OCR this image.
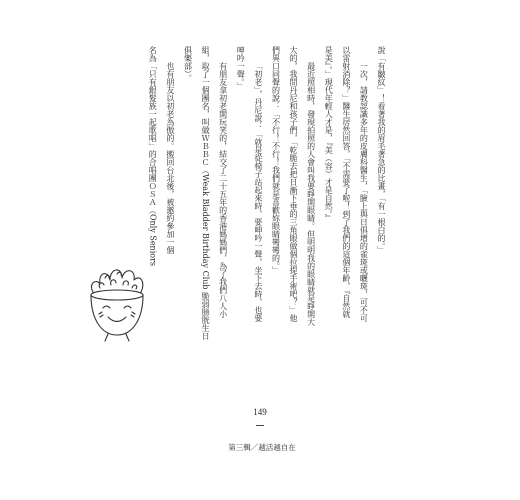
說「有皺紋」！看著我的眉毛著急的比畫，「有一根白的。」
一次，請教認識多年的皮膚科醫生，「臉上與日俱增的雀斑或曬斑，可不可
以雷射消除？」醫生居然回答，「不需要了啦！到了我們的這個年齡，『自然就
是美』。」現代年輕人才是，『美（容）才是自然。』
最近照相時，發現拍照的人會叫我要睜開眼睛。但明明我的眼睛就是睜開大
大的，我問丹尼和孩子們，「乾脆去把日漸下垂的三角眼做個拉提手術吧？」他
們異口同聲的說：「不行！不行！我們就是喜歡妳眼睛彎彎的。」
「初老」，丹尼說：「就是從椅子站起來時，要呻吟一聲，坐下去時，也要
呻吟一聲。」
有朋友拿初老開玩笑的，結交了二十五年的香港媽媽們，為了我們八人小
組，取了一個團名，叫做ＷＢＢＣ（Weak Bladder Birthday Club 脆弱膀胱生日
俱樂部）。
也有朋友以初老為傲的。搬回台北後，被邀約參加一個
名為「只有銀髮族一起歌唱」的合唱團ＯＳＡ（Only Seniors
149
第三輯／越活越自在
